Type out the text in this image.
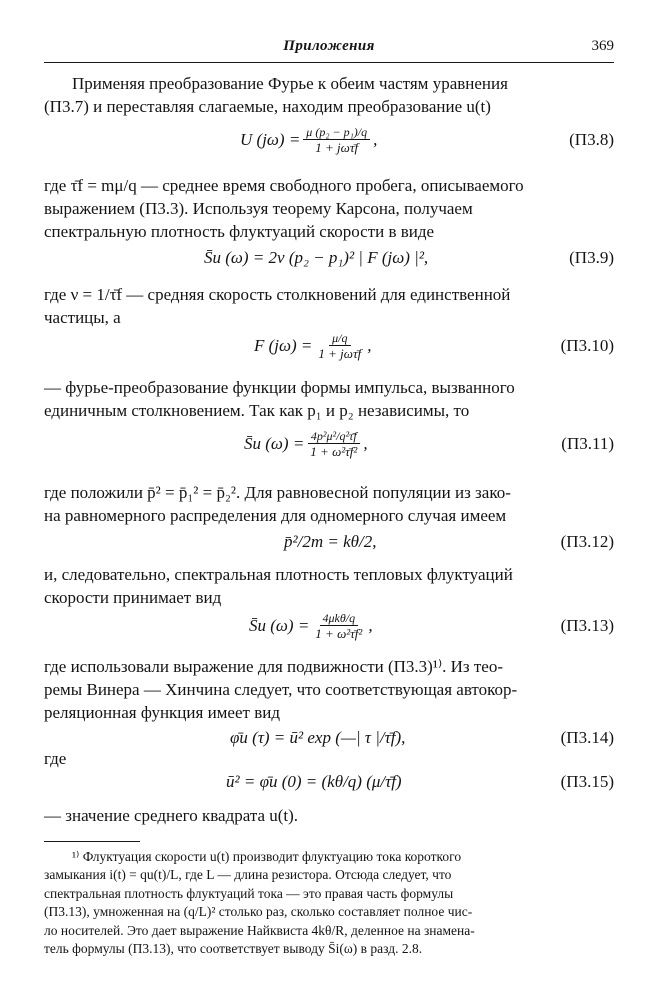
Приложения	369
Применяя преобразование Фурье к обеим частям уравнения
(П3.7) и переставляя слагаемые, находим преобразование u(t)
U $(j\omega) = \frac{\text{μ (p₂ − p₁)/q}}{\text{1 + jωτ̄f}}$ ,	(П3.8)
где τ̄f = mμ/q — среднее время свободного пробега, описываемого
выражением (П3.3). Используя теорему Карсона, получаем
спектральную плотность флуктуаций скорости в виде
S̄u (ω) = 2ν (p₂ − p₁)² | F (jω) |²,	(П3.9)
где ν = 1/τ̄f — средняя скорость столкновений для единственной
частицы, а
F $(j\omega) = \frac{\mu/q}{\text{1 + jωτ̄f}}$ ,	(П3.10)
— фурье-преобразование функции формы импульса, вызванного
единичным столкновением. Так как p₁ и p₂ независимы, то
S̄u $(\omega) = \frac{\text{4p²μ²/q²τ̄f}}{\text{1 + ω²τ̄f²}}$ ,	(П3.11)
где положили p̄² = p̄₁² = p̄₂². Для равновесной популяции из зако-
на равномерного распределения для одномерного случая имеем
p̄²/2m = kθ/2,	(П3.12)
и, следовательно, спектральная плотность тепловых флуктуаций
скорости принимает вид
S̄u $(\omega) = \frac{\text{4μkθ/q}}{\text{1 + ω²τ̄f²}}$ ,	(П3.13)
где использовали выражение для подвижности (П3.3)¹⁾. Из тео-
ремы Винера — Хинчина следует, что соответствующая автокор-
реляционная функция имеет вид
φ̄u (τ) = ū² exp (—| τ |/τ̄f),	(П3.14)
где
ū² = φ̄u (0) = (kθ/q) (μ/τ̄f)	(П3.15)
— значение среднего квадрата u(t).
¹⁾ Флуктуация скорости u(t) производит флуктуацию тока короткого
замыкания i(t) = qu(t)/L, где L — длина резистора. Отсюда следует, что
спектральная плотность флуктуаций тока — это правая часть формулы
(П3.13), умноженная на (q/L)² столько раз, сколько составляет полное чис-
ло носителей. Это дает выражение Найквиста 4kθ/R, деленное на знамена-
тель формулы (П3.13), что соответствует выводу S̄i(ω) в разд. 2.8.
